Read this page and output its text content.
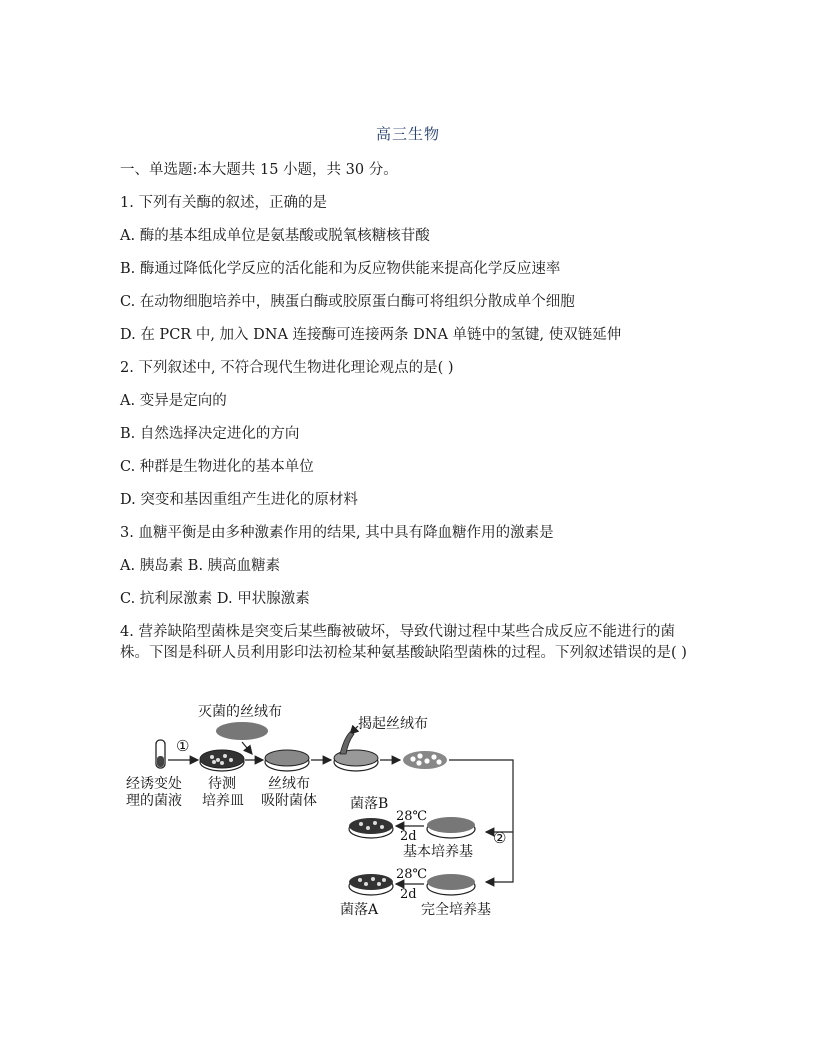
高三生物
一、单选题:本大题共 15 小题，共 30 分。
1. 下列有关酶的叙述，正确的是
A. 酶的基本组成单位是氨基酸或脱氧核糖核苷酸
B. 酶通过降低化学反应的活化能和为反应物供能来提高化学反应速率
C. 在动物细胞培养中，胰蛋白酶或胶原蛋白酶可将组织分散成单个细胞
D. 在 PCR 中, 加入 DNA 连接酶可连接两条 DNA 单链中的氢键, 使双链延伸
2. 下列叙述中, 不符合现代生物进化理论观点的是( )
A. 变异是定向的
B. 自然选择决定进化的方向
C. 种群是生物进化的基本单位
D. 突变和基因重组产生进化的原材料
3. 血糖平衡是由多种激素作用的结果, 其中具有降血糖作用的激素是
A. 胰岛素 B. 胰高血糖素
C. 抗利尿激素 D. 甲状腺激素
4. 营养缺陷型菌株是突变后某些酶被破坏，导致代谢过程中某些合成反应不能进行的菌株。下图是科研人员利用影印法初检某种氨基酸缺陷型菌株的过程。下列叙述错误的是( )
灭菌的丝绒布
①
揭起丝绒布
②
经诱变处
理的菌液
待测
培养皿
丝绒布
吸附菌体 菌落B
28℃
2d
基本培养基
28℃
2d
菌落A	完全培养基
